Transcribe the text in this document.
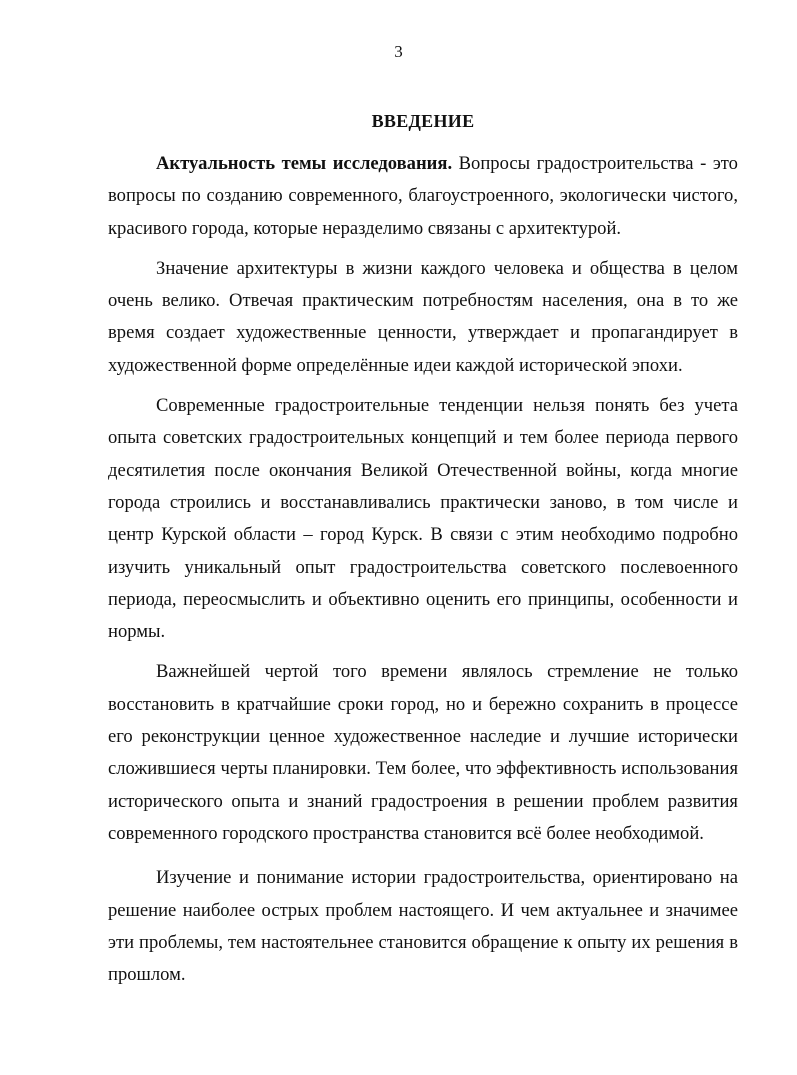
3
ВВЕДЕНИЕ

Актуальность темы исследования. Вопросы градостроительства - это вопросы по созданию современного, благоустроенного, экологически чистого, красивого города, которые неразделимо связаны с архитектурой.

Значение архитектуры в жизни каждого человека и общества в целом очень велико. Отвечая практическим потребностям населения, она в то же время создает художественные ценности, утверждает и пропагандирует в художественной форме определённые идеи каждой исторической эпохи.

Современные градостроительные тенденции нельзя понять без учета опыта советских градостроительных концепций и тем более периода первого десятилетия после окончания Великой Отечественной войны, когда многие города строились и восстанавливались практически заново, в том числе и центр Курской области – город Курск. В связи с этим необходимо подробно изучить уникальный опыт градостроительства советского послевоенного периода, переосмыслить и объективно оценить его принципы, особенности и нормы.

Важнейшей чертой того времени являлось стремление не только восстановить в кратчайшие сроки город, но и бережно сохранить в процессе его реконструкции ценное художественное наследие и лучшие исторически сложившиеся черты планировки. Тем более, что эффективность использования исторического опыта и знаний градостроения в решении проблем развития современного городского пространства становится всё более необходимой.

Изучение и понимание истории градостроительства, ориентировано на решение наиболее острых проблем настоящего. И чем актуальнее и значимее эти проблемы, тем настоятельнее становится обращение к опыту их решения в прошлом.
